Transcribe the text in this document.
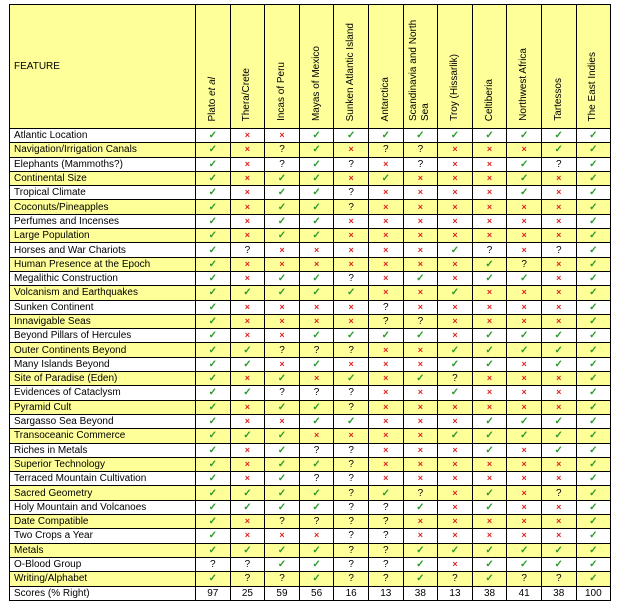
FEATURE	Plato et al	Thera/Crete	Incas of Peru	Mayas of Mexico	Sunken Atlantic Island	Antarctica	Scandinavia and North Sea	Troy (Hissarlik)	Celtiberia	Northwest Africa	Tartessos	The East Indies
Atlantic Location	✓	×	×	✓	✓	✓	✓	✓	✓	✓	✓	✓
Navigation/Irrigation Canals	✓	×	?	✓	×	?	?	×	×	×	✓	✓
Elephants (Mammoths?)	✓	×	?	✓	?	×	?	×	×	✓	?	✓
Continental Size	✓	×	✓	✓	×	✓	×	×	×	✓	×	✓
Tropical Climate	✓	×	✓	✓	?	×	×	×	×	✓	×	✓
Coconuts/Pineapples	✓	×	✓	✓	?	×	×	×	×	×	×	✓
Perfumes and Incenses	✓	×	✓	✓	×	×	×	×	×	×	×	✓
Large Population	✓	×	✓	✓	×	×	×	×	×	×	×	✓
Horses and War Chariots	✓	?	×	×	×	×	×	✓	?	×	?	✓
Human Presence at the Epoch	✓	×	×	×	×	×	×	×	✓	?	×	✓
Megalithic Construction	✓	×	✓	✓	?	×	✓	×	✓	✓	×	✓
Volcanism and Earthquakes	✓	✓	✓	✓	✓	×	×	✓	×	×	×	✓
Sunken Continent	✓	×	×	×	×	?	×	×	×	×	×	✓
Innavigable Seas	✓	×	×	×	×	?	?	×	×	×	×	✓
Beyond Pillars of Hercules	✓	×	×	✓	✓	✓	✓	×	✓	✓	✓	✓
Outer Continents Beyond	✓	✓	?	?	?	×	×	✓	✓	✓	✓	✓
Many Islands Beyond	✓	✓	×	✓	×	×	×	✓	✓	×	✓	✓
Site of Paradise (Eden)	✓	×	✓	×	✓	×	✓	?	×	×	×	✓
Evidences of Cataclysm	✓	✓	?	?	?	×	×	✓	×	×	×	✓
Pyramid Cult	✓	×	✓	✓	?	×	×	×	×	×	×	✓
Sargasso Sea Beyond	✓	×	×	✓	✓	×	×	×	✓	✓	✓	✓
Transoceanic Commerce	✓	✓	✓	×	×	×	×	✓	✓	✓	✓	✓
Riches in Metals	✓	×	✓	?	?	×	×	×	✓	×	✓	✓
Superior Technology	✓	×	✓	✓	?	×	×	×	×	×	×	✓
Terraced Mountain Cultivation	✓	×	✓	?	?	×	×	×	×	×	×	✓
Sacred Geometry	✓	✓	✓	✓	?	✓	?	×	✓	×	?	✓
Holy Mountain and Volcanoes	✓	✓	✓	✓	?	?	✓	×	✓	×	×	✓
Date Compatible	✓	×	?	?	?	?	×	×	×	×	×	✓
Two Crops a Year	✓	×	×	×	?	?	×	×	×	×	×	✓
Metals	✓	✓	✓	✓	?	?	✓	✓	✓	✓	✓	✓
O-Blood Group	?	?	✓	✓	?	?	✓	×	✓	✓	✓	✓
Writing/Alphabet	✓	?	?	✓	?	?	✓	?	✓	?	?	✓
Scores (% Right)	97	25	59	56	16	13	38	13	38	41	38	100
